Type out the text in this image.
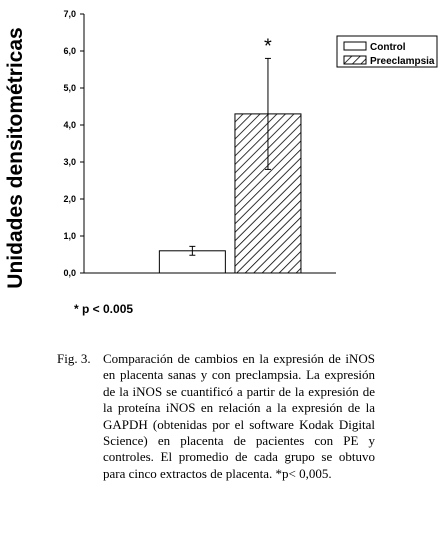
Unidades densitométricas	0,0
1,0
2,0
3,0
4,0
5,0
6,0
7,0
*	Control
Preeclampsia
* p < 0.005
Fig. 3. Comparación de cambios en la expresión de iNOS en placenta sanas y con preclampsia. La expresión de la iNOS se cuantificó a partir de la expresión de la proteína iNOS en relación a la expresión de la GAPDH (obtenidas por el software Kodak Digital Science) en placenta de pacientes con PE y controles. El promedio de cada grupo se obtuvo para cinco extractos de placenta. *p< 0,005.
